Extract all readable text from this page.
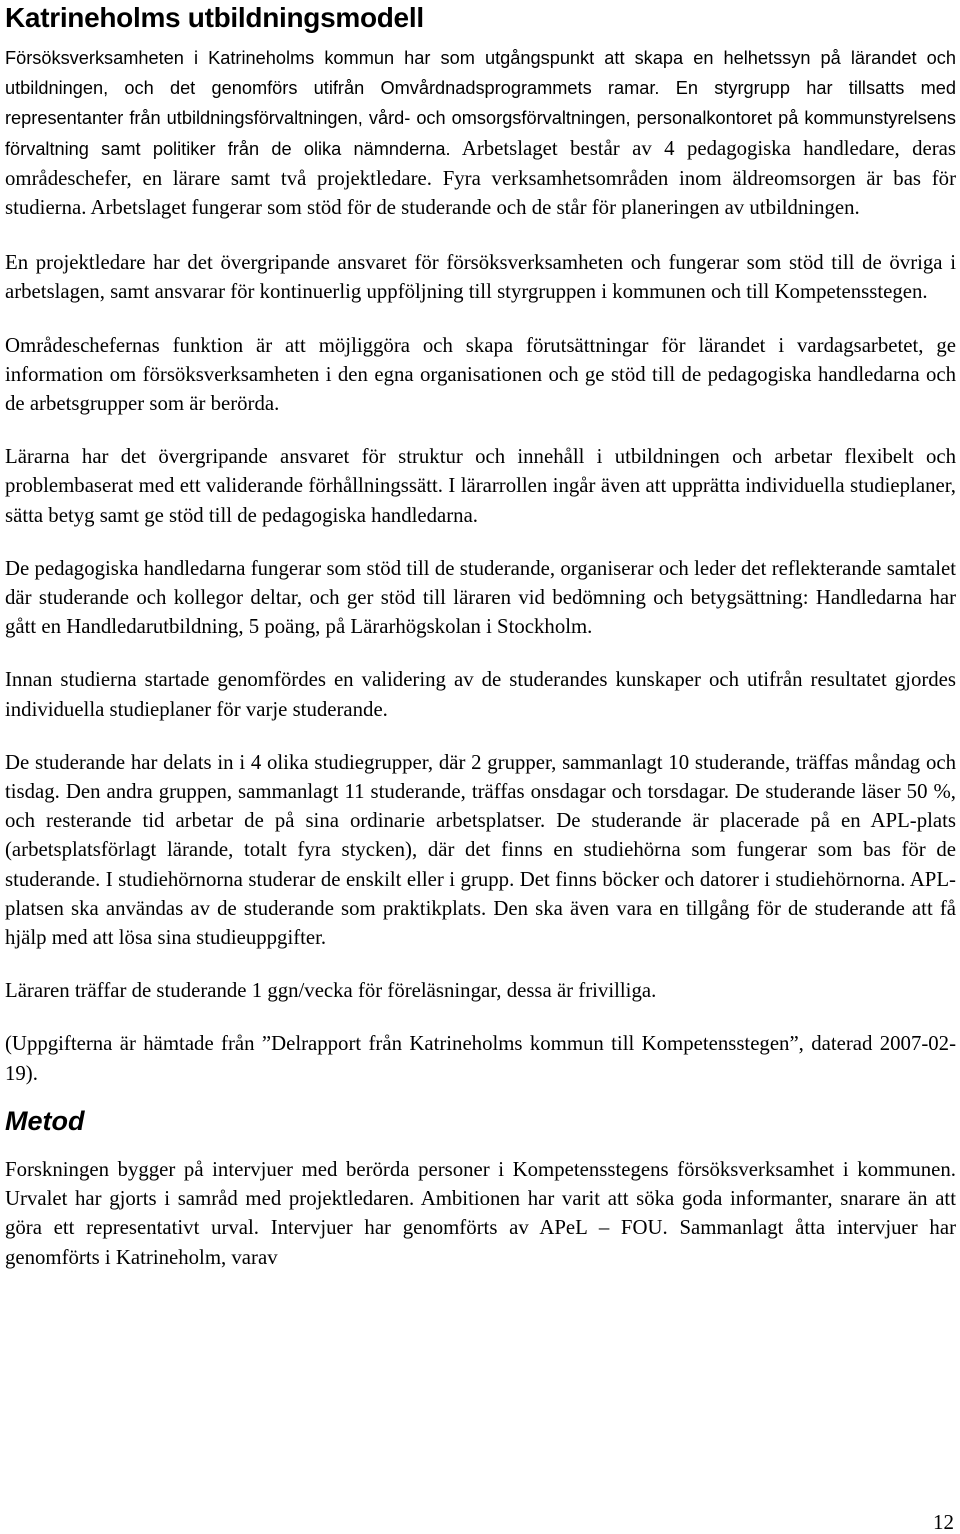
Katrineholms utbildningsmodell

Försöksverksamheten i Katrineholms kommun har som utgångspunkt att skapa en helhetssyn på lärandet och utbildningen, och det genomförs utifrån Omvårdnadsprogrammets ramar. En styrgrupp har tillsatts med representanter från utbildningsförvaltningen, vård- och omsorgsförvaltningen, personalkontoret på kommunstyrelsens förvaltning samt politiker från de olika nämnderna. Arbetslaget består av 4 pedagogiska handledare, deras områdeschefer, en lärare samt två projektledare. Fyra verksamhetsområden inom äldreomsorgen är bas för studierna. Arbetslaget fungerar som stöd för de studerande och de står för planeringen av utbildningen.

En projektledare har det övergripande ansvaret för försöksverksamheten och fungerar som stöd till de övriga i arbetslagen, samt ansvarar för kontinuerlig uppföljning till styrgruppen i kommunen och till Kompetensstegen.

Områdeschefernas funktion är att möjliggöra och skapa förutsättningar för lärandet i vardagsarbetet, ge information om försöksverksamheten i den egna organisationen och ge stöd till de pedagogiska handledarna och de arbetsgrupper som är berörda.

Lärarna har det övergripande ansvaret för struktur och innehåll i utbildningen och arbetar flexibelt och problembaserat med ett validerande förhållningssätt. I lärarrollen ingår även att upprätta individuella studieplaner, sätta betyg samt ge stöd till de pedagogiska handledarna.

De pedagogiska handledarna fungerar som stöd till de studerande, organiserar och leder det reflekterande samtalet där studerande och kollegor deltar, och ger stöd till läraren vid bedömning och betygsättning: Handledarna har gått en Handledarutbildning, 5 poäng, på Lärarhögskolan i Stockholm.

Innan studierna startade genomfördes en validering av de studerandes kunskaper och utifrån resultatet gjordes individuella studieplaner för varje studerande.

De studerande har delats in i 4 olika studiegrupper, där 2 grupper, sammanlagt 10 studerande, träffas måndag och tisdag. Den andra gruppen, sammanlagt 11 studerande, träffas onsdagar och torsdagar. De studerande läser 50 %, och resterande tid arbetar de på sina ordinarie arbetsplatser. De studerande är placerade på en APL-plats (arbetsplatsförlagt lärande, totalt fyra stycken), där det finns en studiehörna som fungerar som bas för de studerande. I studiehörnorna studerar de enskilt eller i grupp. Det finns böcker och datorer i studiehörnorna. APL-platsen ska användas av de studerande som praktikplats. Den ska även vara en tillgång för de studerande att få hjälp med att lösa sina studieuppgifter.

Läraren träffar de studerande 1 ggn/vecka för föreläsningar, dessa är frivilliga.

(Uppgifterna är hämtade från ”Delrapport från Katrineholms kommun till Kompetensstegen”, daterad 2007-02-19).

Metod

Forskningen bygger på intervjuer med berörda personer i Kompetensstegens försöksverksamhet i kommunen. Urvalet har gjorts i samråd med projektledaren. Ambitionen har varit att söka goda informanter, snarare än att göra ett representativt urval. Intervjuer har genomförts av APeL – FOU. Sammanlagt åtta intervjuer har genomförts i Katrineholm, varav

12
